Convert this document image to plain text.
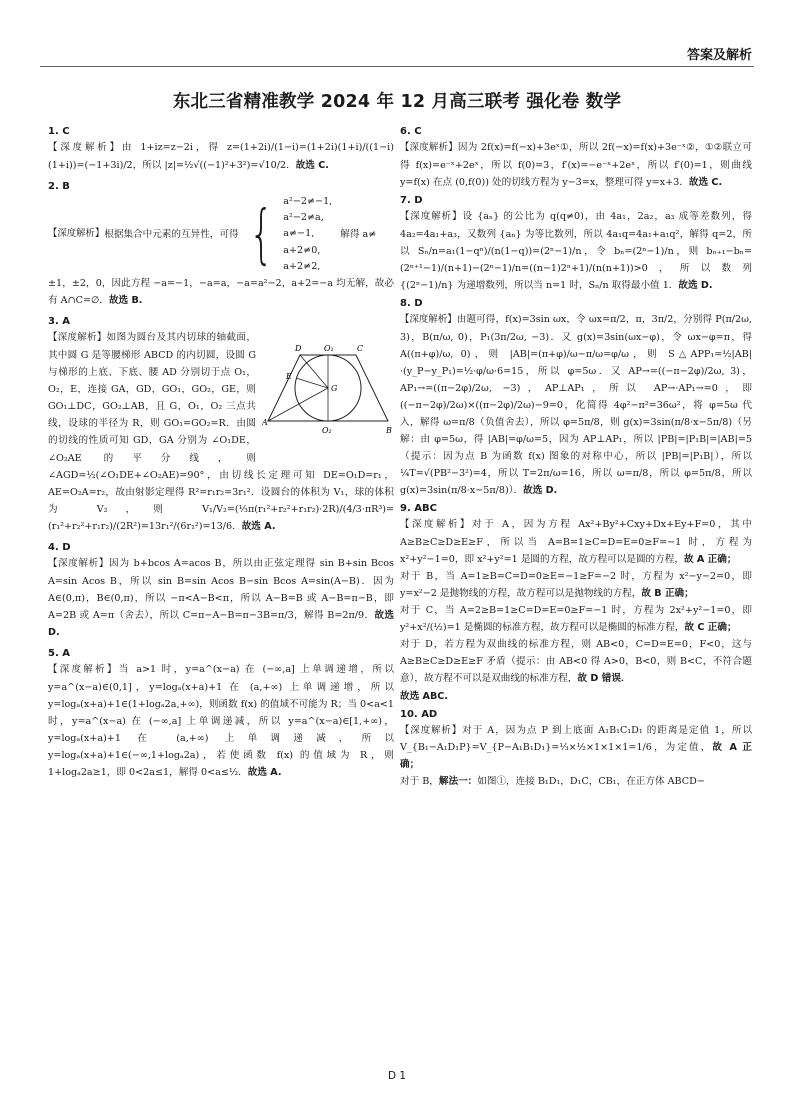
答案及解析
东北三省精准教学 2024 年 12 月高三联考 强化卷 数学
1. C
【深度解析】由 1+iz=z−2i，得 z=(1+2i)/(1−i)=(1+2i)(1+i)/((1−i)(1+i))=(−1+3i)/2，所以 |z|=½√((−1)²+3²)=√10/2．故选 C.
2. B
【深度解析】 根据集合中元素的互异性，可得 { a²−2≠−1,
a²−2≠a,
a≠−1,
a+2≠0,
a+2≠2,
解得 a≠
±1，±2，0，因此方程 −a=−1，−a=a，−a=a²−2，a+2=−a 均无解，故必有 A∩C=∅．故选 B.
3. A
D	O₁	C
E
G
A
O₂	B
【深度解析】如图为圆台及其内切球的轴截面，其中圆 G 是等腰梯形 ABCD 的内切圆，设圆 G 与梯形的上底、下底、腰 AD 分别切于点 O₁，O₂，E，连接 GA，GD，GO₁，GO₂，GE，则 GO₁⊥DC，GO₂⊥AB，且 G，O₁，O₂ 三点共线，设球的半径为 R，则 GO₁=GO₂=R．由圆的切线的性质可知 GD，GA 分别为 ∠O₁DE，∠O₂AE 的平分线，则 ∠AGD=½(∠O₁DE+∠O₂AE)=90°，由切线长定理可知 DE=O₁D=r₁，AE=O₂A=r₂，故由射影定理得 R²=r₁r₂=3r₁²．设圆台的体积为 V₁，球的体积为 V₂，则 V₁/V₂=(⅓π(r₁²+r₂²+r₁r₂)·2R)/(4/3·πR³)=(r₁²+r₂²+r₁r₂)/(2R²)=13r₁²/(6r₁²)=13/6．故选 A.
4. D
【深度解析】因为 b+bcos A=acos B，所以由正弦定理得 sin B+sin Bcos A=sin Acos B，所以 sin B=sin Acos B−sin Bcos A=sin(A−B)．因为 A∈(0,π)，B∈(0,π)，所以 −π<A−B<π，所以 A−B=B 或 A−B=π−B，即 A=2B 或 A=π（舍去），所以 C=π−A−B=π−3B=π/3，解得 B=2π/9．故选 D.
5. A
【深度解析】当 a>1 时，y=a^(x−a) 在 (−∞,a] 上单调递增，所以 y=a^(x−a)∈(0,1]，y=logₐ(x+a)+1 在 (a,+∞) 上单调递增，所以 y=logₐ(x+a)+1∈(1+logₐ2a,+∞)，则函数 f(x) 的值域不可能为 R；当 0<a<1 时，y=a^(x−a) 在 (−∞,a] 上单调递减，所以 y=a^(x−a)∈[1,+∞)，y=logₐ(x+a)+1 在 (a,+∞) 上单调递减，所以 y=logₐ(x+a)+1∈(−∞,1+logₐ2a)，若使函数 f(x) 的值域为 R，则 1+logₐ2a≥1，即 0<2a≤1，解得 0<a≤½．故选 A.
6. C
【深度解析】因为 2f(x)=f(−x)+3eˣ①，所以 2f(−x)=f(x)+3e⁻ˣ②，①②联立可得 f(x)=e⁻ˣ+2eˣ，所以 f(0)=3，f′(x)=−e⁻ˣ+2eˣ，所以 f′(0)=1，则曲线 y=f(x) 在点 (0,f(0)) 处的切线方程为 y−3=x，整理可得 y=x+3．故选 C.
7. D
【深度解析】设 {aₙ} 的公比为 q(q≠0)，由 4a₁，2a₂，a₃ 成等差数列，得 4a₂=4a₁+a₃，又数列 {aₙ} 为等比数列，所以 4a₁q=4a₁+a₁q²，解得 q=2，所以 Sₙ/n=a₁(1−qⁿ)/(n(1−q))=(2ⁿ−1)/n，令 bₙ=(2ⁿ−1)/n，则 bₙ₊₁−bₙ=(2ⁿ⁺¹−1)/(n+1)−(2ⁿ−1)/n=((n−1)2ⁿ+1)/(n(n+1))>0，所以数列 {(2ⁿ−1)/n} 为递增数列，所以当 n=1 时，Sₙ/n 取得最小值 1．故选 D.
8. D
【深度解析】由题可得，f(x)=3sin ωx，令 ωx=π/2，π，3π/2，分别得 P(π/2ω, 3)，B(π/ω, 0)，P₁(3π/2ω, −3)．又 g(x)=3sin(ωx−φ)，令 ωx−φ=π，得 A((π+φ)/ω, 0)，则 |AB|=(π+φ)/ω−π/ω=φ/ω，则 S△APP₁=½|AB|·(y_P−y_P₁)=½·φ/ω·6=15，所以 φ=5ω．又 AP→=((−π−2φ)/2ω, 3)，AP₁→=((π−2φ)/2ω, −3)，AP⊥AP₁，所以 AP→·AP₁→=0，即 ((−π−2φ)/2ω)×((π−2φ)/2ω)−9=0，化简得 4φ²−π²=36ω²，将 φ=5ω 代入，解得 ω=π/8（负值舍去），所以 φ=5π/8，则 g(x)=3sin(π/8·x−5π/8)（另解：由 φ=5ω，得 |AB|=φ/ω=5，因为 AP⊥AP₁，所以 |PB|=|P₁B|=|AB|=5（提示：因为点 B 为函数 f(x) 图象的对称中心，所以 |PB|=|P₁B|），所以 ¼T=√(PB²−3²)=4，所以 T=2π/ω=16，所以 ω=π/8，所以 φ=5π/8，所以 g(x)=3sin(π/8·x−5π/8)）．故选 D.
9. ABC
【深度解析】对于 A，因为方程 Ax²+By²+Cxy+Dx+Ey+F=0，其中 A≥B≥C≥D≥E≥F，所以当 A=B=1≥C=D=E=0≥F=−1 时，方程为 x²+y²−1=0，即 x²+y²=1 是圆的方程，故方程可以是圆的方程，故 A 正确；
对于 B，当 A=1≥B=C=D=0≥E=−1≥F=−2 时，方程为 x²−y−2=0，即 y=x²−2 是抛物线的方程，故方程可以是抛物线的方程，故 B 正确；
对于 C，当 A=2≥B=1≥C=D=E=0≥F=−1 时，方程为 2x²+y²−1=0，即 y²+x²/(½)=1 是椭圆的标准方程，故方程可以是椭圆的标准方程，故 C 正确；
对于 D，若方程为双曲线的标准方程，则 AB<0，C=D=E=0，F<0，这与 A≥B≥C≥D≥E≥F 矛盾（提示：由 AB<0 得 A>0，B<0，则 B<C，不符合题意），故方程不可以是双曲线的标准方程，故 D 错误．
故选 ABC.
10. AD
【深度解析】对于 A，因为点 P 到上底面 A₁B₁C₁D₁ 的距离是定值 1，所以 V_{B₁−A₁D₁P}=V_{P−A₁B₁D₁}=⅓×½×1×1×1=1/6，为定值，故 A 正确；
对于 B，解法一：如图①，连接 B₁D₁，D₁C，CB₁，在正方体 ABCD−
D 1
